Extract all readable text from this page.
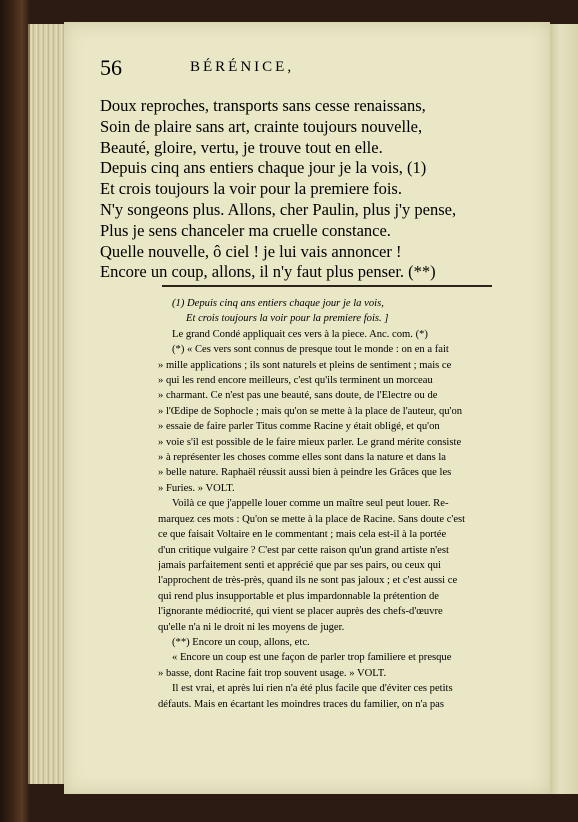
56	BÉRÉNICE,
Doux reproches, transports sans cesse renaissans,
Soin de plaire sans art, crainte toujours nouvelle,
Beauté, gloire, vertu, je trouve tout en elle.
Depuis cinq ans entiers chaque jour je la vois, (1)
Et crois toujours la voir pour la premiere fois.
N'y songeons plus. Allons, cher Paulin, plus j'y pense,
Plus je sens chanceler ma cruelle constance.
Quelle nouvelle, ô ciel ! je lui vais annoncer !
Encore un coup, allons, il n'y faut plus penser. (**)
(1) Depuis cinq ans entiers chaque jour je la vois,
Et crois toujours la voir pour la premiere fois. ]
Le grand Condé appliquait ces vers à la piece. Anc. com. (*)
(*) « Ces vers sont connus de presque tout le monde : on en a fait
» mille applications ; ils sont naturels et pleins de sentiment ; mais ce
» qui les rend encore meilleurs, c'est qu'ils terminent un morceau
» charmant. Ce n'est pas une beauté, sans doute, de l'Electre ou de
» l'Œdipe de Sophocle ; mais qu'on se mette à la place de l'auteur, qu'on
» essaie de faire parler Titus comme Racine y était obligé, et qu'on
» voie s'il est possible de le faire mieux parler. Le grand mérite consiste
» à représenter les choses comme elles sont dans la nature et dans la
» belle nature. Raphaël réussit aussi bien à peindre les Grâces que les
» Furies. » VOLT.
Voilà ce que j'appelle louer comme un maître seul peut louer. Re-
marquez ces mots : Qu'on se mette à la place de Racine. Sans doute c'est
ce que faisait Voltaire en le commentant ; mais cela est-il à la portée
d'un critique vulgaire ? C'est par cette raison qu'un grand artiste n'est
jamais parfaitement senti et apprécié que par ses pairs, ou ceux qui
l'approchent de très-près, quand ils ne sont pas jaloux ; et c'est aussi ce
qui rend plus insupportable et plus impardonnable la prétention de
l'ignorante médiocrité, qui vient se placer auprès des chefs-d'œuvre
qu'elle n'a ni le droit ni les moyens de juger.
(**) Encore un coup, allons, etc.
« Encore un coup est une façon de parler trop familiere et presque
» basse, dont Racine fait trop souvent usage. » VOLT.
Il est vrai, et après lui rien n'a été plus facile que d'éviter ces petits
défauts. Mais en écartant les moindres traces du familier, on n'a pas
